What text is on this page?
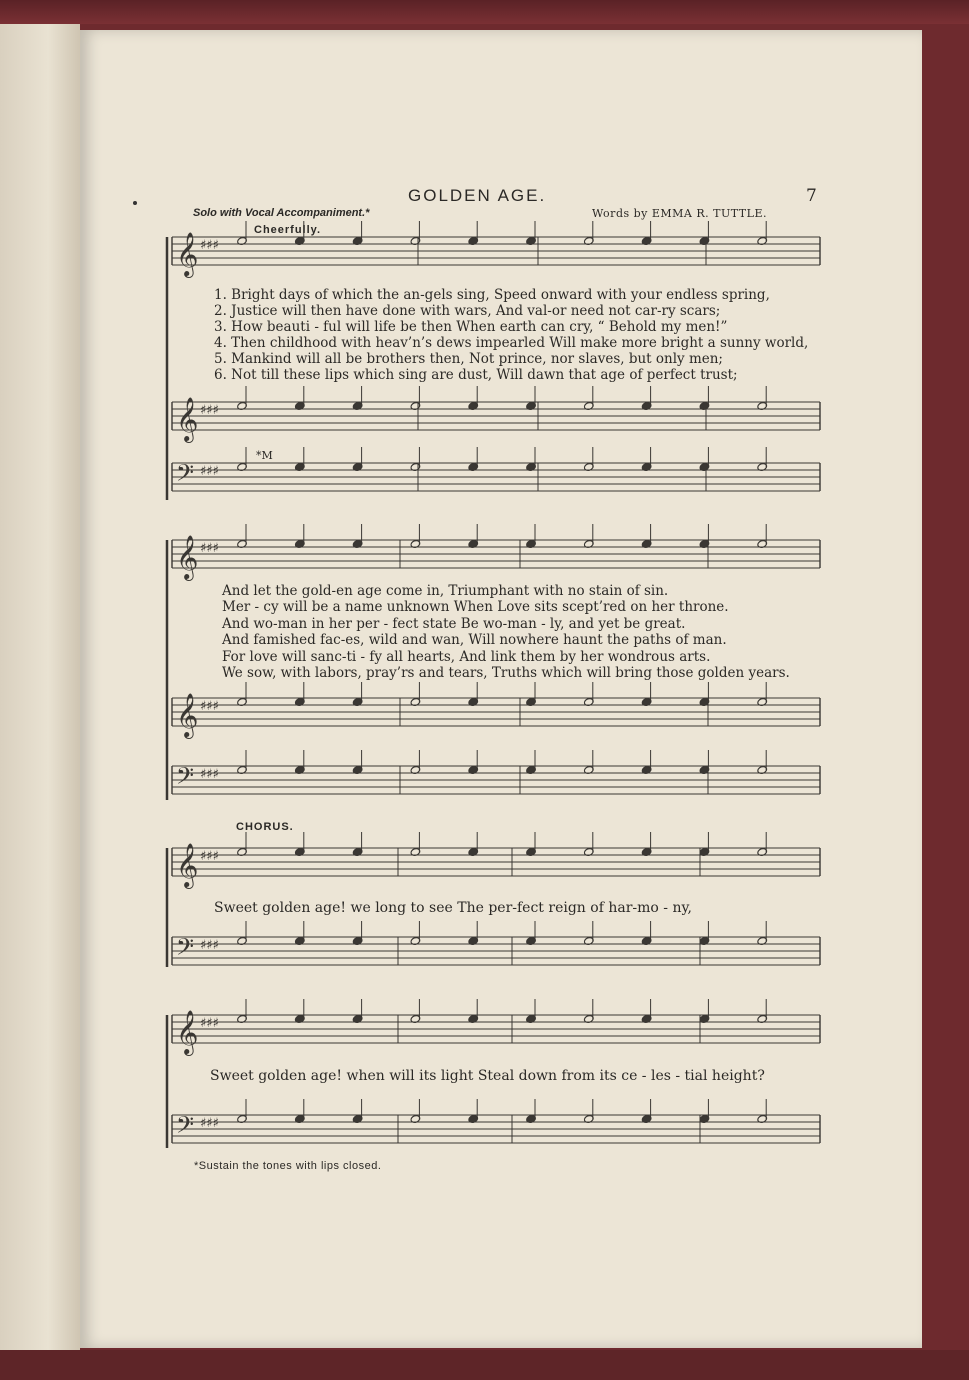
𝄞 ♯♯♯
𝄞 ♯♯♯
𝄢 ♯♯♯
𝄞 ♯♯♯
𝄞 ♯♯♯
𝄢 ♯♯♯
𝄞 ♯♯♯
𝄢 ♯♯♯
𝄞 ♯♯♯
𝄢 ♯♯♯
GOLDEN AGE.	7
Solo with Vocal Accompaniment.*	Words by EMMA R. TUTTLE.
Cheerfully.
1. Bright days of which the an-gels sing, Speed onward with your endless spring,
2. Justice will then have done with wars, And val-or need not car-ry scars;
3. How beauti - ful will life be then When earth can cry, “ Behold my men!”
4. Then childhood with heav’n’s dews impearled Will make more bright a sunny world,
5. Mankind will all be brothers then, Not prince, nor slaves, but only men;
6. Not till these lips which sing are dust, Will dawn that age of perfect trust;
*M
And let the gold-en age come in, Triumphant with no stain of sin.
Mer - cy will be a name unknown When Love sits scept’red on her throne.
And wo-man in her per - fect state Be wo-man - ly, and yet be great.
And famished fac-es, wild and wan, Will nowhere haunt the paths of man.
For love will sanc-ti - fy all hearts, And link them by her wondrous arts.
We sow, with labors, pray’rs and tears, Truths which will bring those golden years.
CHORUS.
Sweet golden age! we long to see The per-fect reign of har-mo - ny,
Sweet golden age! when will its light Steal down from its ce - les - tial height?
*Sustain the tones with lips closed.
